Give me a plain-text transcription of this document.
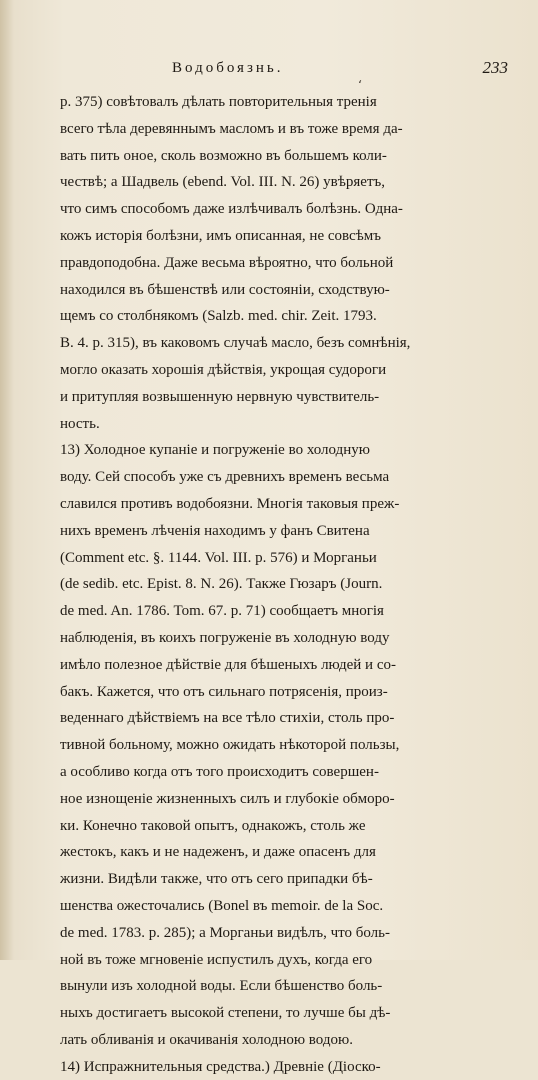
ʻ
Водобоязнь.	233
p. 375) совѣтовалъ дѣлать повторительныя тренія
всего тѣла деревяннымъ масломъ и въ тоже время да-
вать пить оное, сколь возможно въ большемъ коли-
чествѣ; а Шадвель (ebend. Vol. III. N. 26) увѣряетъ,
что симъ способомъ даже излѣчивалъ болѣзнь. Одна-
кожъ исторія болѣзни, имъ описанная, не совсѣмъ
правдоподобна. Даже весьма вѣроятно, что больной
находился въ бѣшенствѣ или состояніи, сходствую-
щемъ со столбнякомъ (Salzb. med. chir. Zeit. 1793.
B. 4. p. 315), въ каковомъ случаѣ масло, безъ сомнѣнія,
могло оказать хорошія дѣйствія, укрощая судороги
и притупляя возвышенную нервную чувствитель-
ность.
13) Холодное купаніе и погруженіе во холодную
воду. Сей способъ уже съ древнихъ временъ весьма
славился противъ водобоязни. Многія таковыя преж-
нихъ временъ лѣченія находимъ у фанъ Свитена
(Comment etc. §. 1144. Vol. III. p. 576) и Морганьи
(de sedib. etc. Epist. 8. N. 26). Также Гюзаръ (Journ.
de med. An. 1786. Tom. 67. p. 71) сообщаетъ многія
наблюденія, въ коихъ погруженіе въ холодную воду
имѣло полезное дѣйствіе для бѣшеныхъ людей и со-
бакъ. Кажется, что отъ сильнаго потрясенія, произ-
веденнаго дѣйствіемъ на все тѣло стихіи, столь про-
тивной больному, можно ожидать нѣкоторой пользы,
а особливо когда отъ того происходитъ совершен-
ное изнощеніе жизненныхъ силъ и глубокіе обморо-
ки. Конечно таковой опытъ, однакожъ, столь же
жестокъ, какъ и не надеженъ, и даже опасенъ для
жизни. Видѣли также, что отъ сего припадки бѣ-
шенства ожесточались (Bonel въ memoir. de la Soc.
de med. 1783. p. 285); а Морганьи видѣлъ, что боль-
ной въ тоже мгновеніе испустилъ духъ, когда его
вынули изъ холодной воды. Если бѣшенство боль-
ныхъ достигаетъ высокой степени, то лучше бы дѣ-
лать обливанія и окачиванія холодною водою.
14) Испражнительныя средства.) Древніе (Діоско-
